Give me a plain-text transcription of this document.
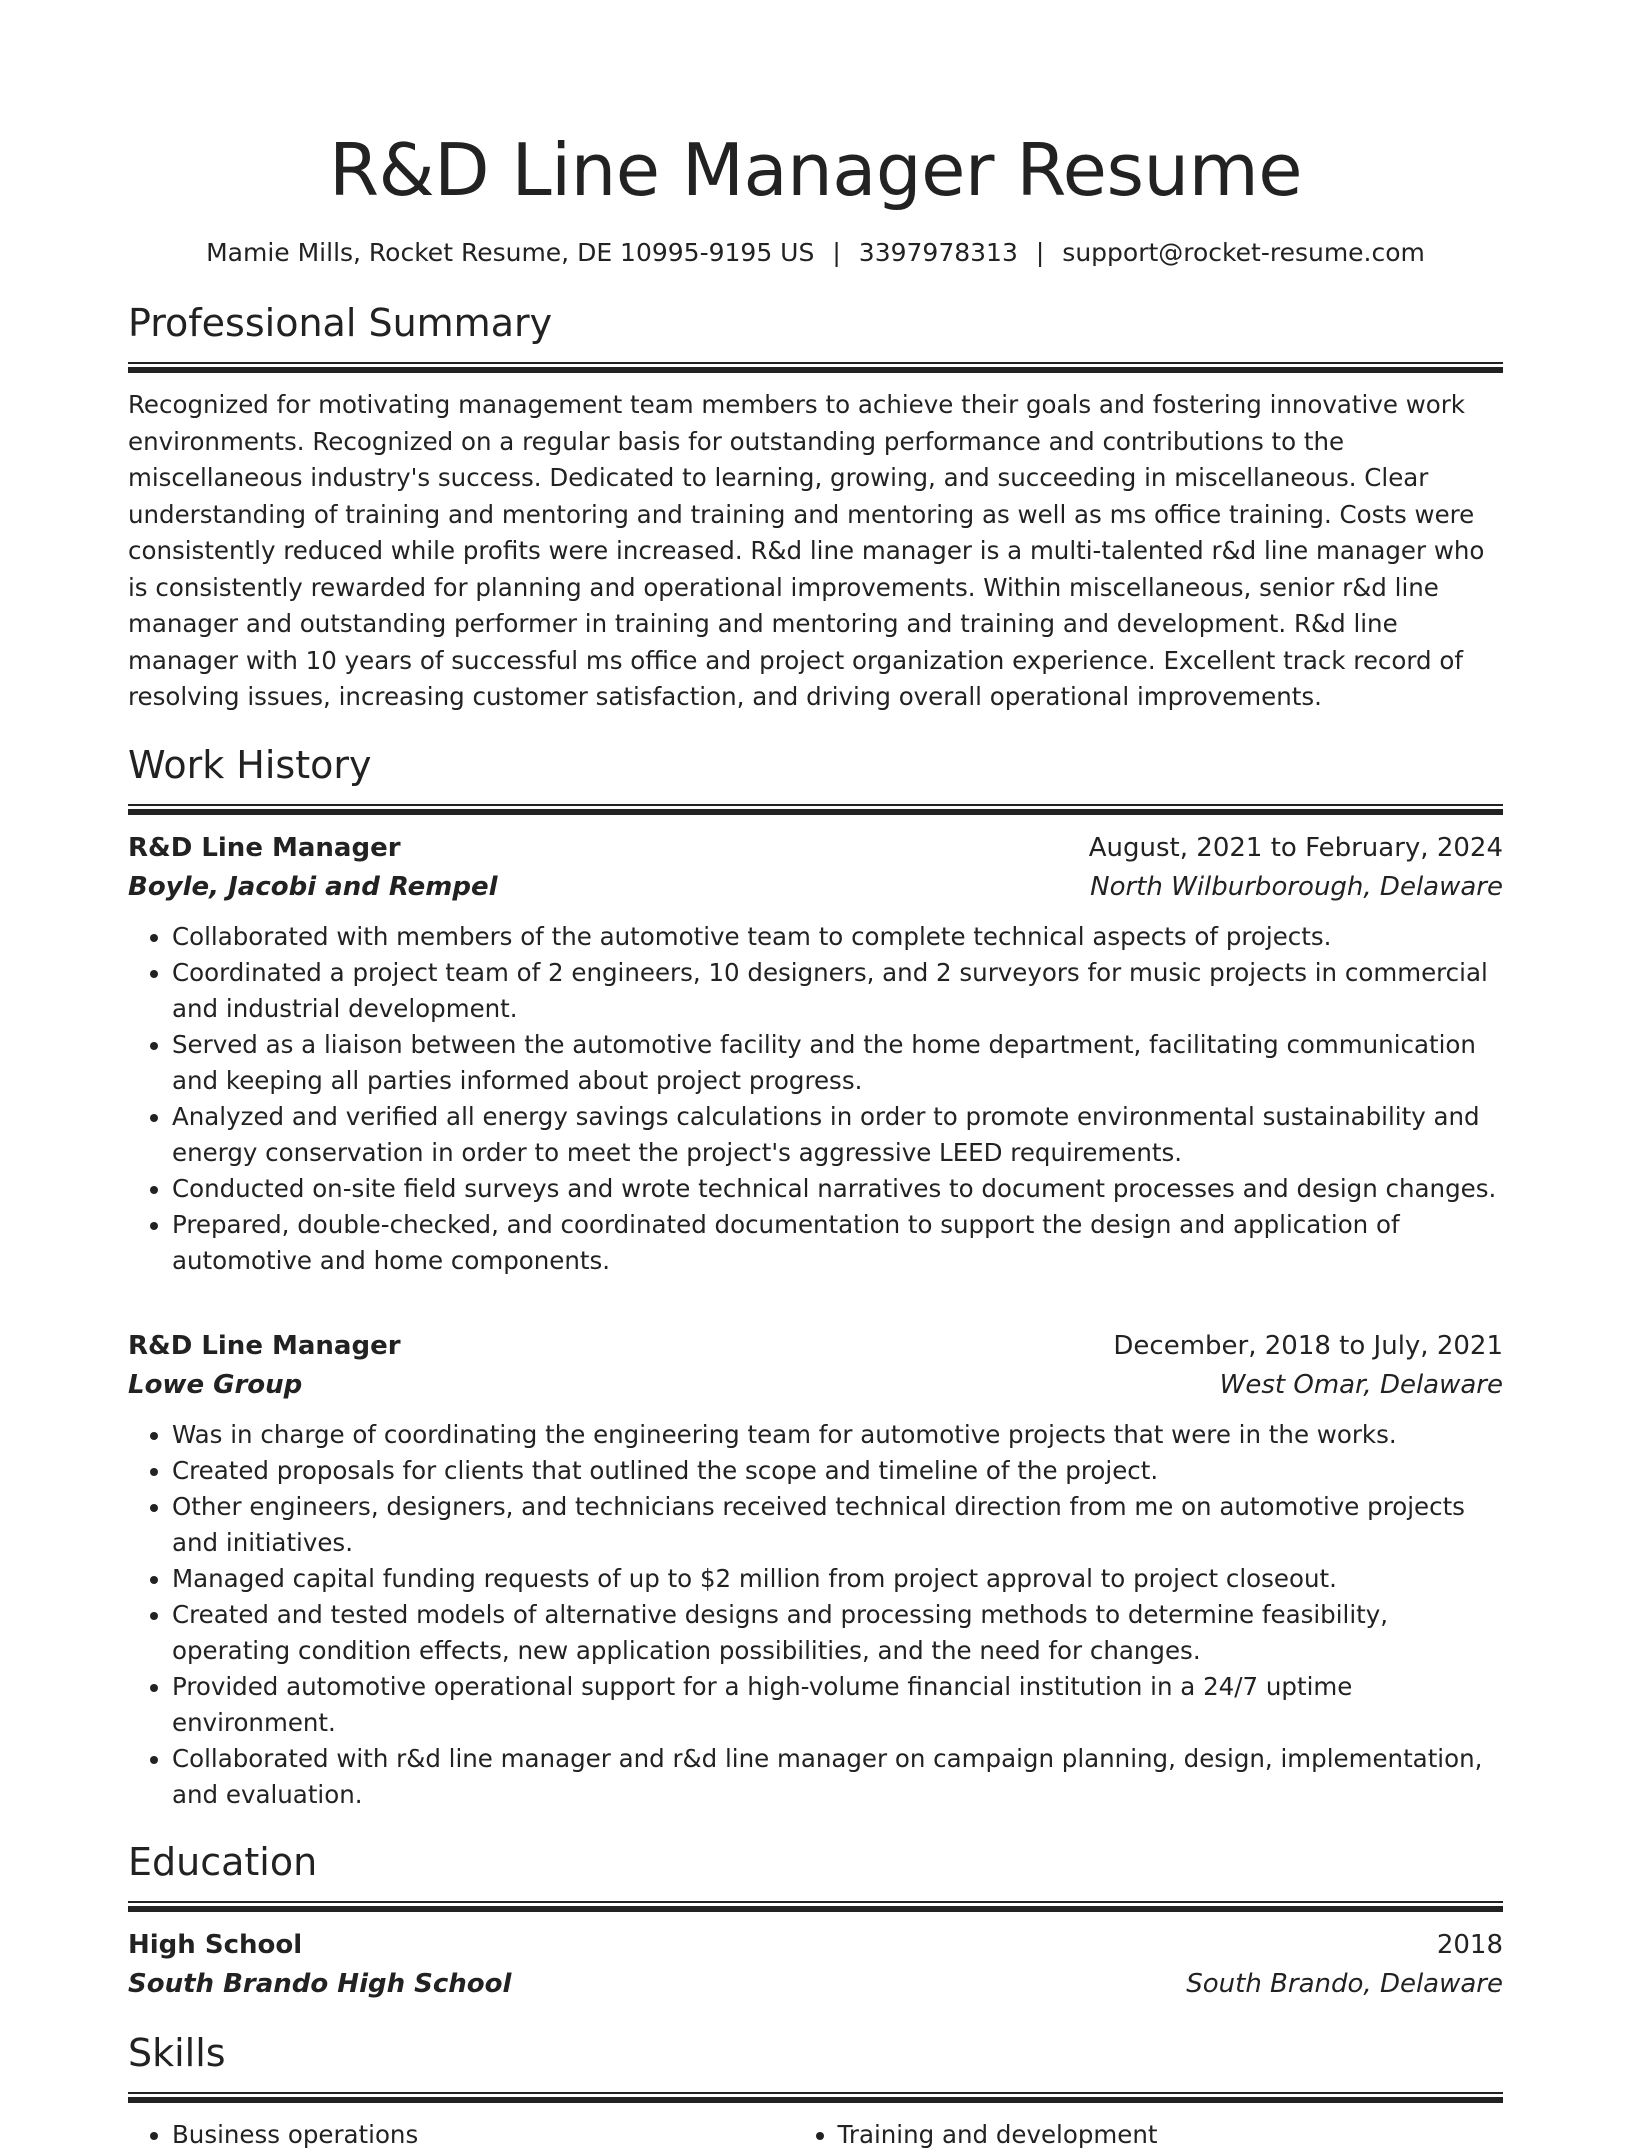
R&D Line Manager Resume
Mamie Mills, Rocket Resume, DE 10995-9195 US | 3397978313 | support@rocket-resume.com
Professional Summary

Recognized for motivating management team members to achieve their goals and fostering innovative work environments. Recognized on a regular basis for outstanding performance and contributions to the miscellaneous industry's success. Dedicated to learning, growing, and succeeding in miscellaneous. Clear understanding of training and mentoring and training and mentoring as well as ms office training. Costs were consistently reduced while profits were increased. R&d line manager is a multi-talented r&d line manager who is consistently rewarded for planning and operational improvements. Within miscellaneous, senior r&d line manager and outstanding performer in training and mentoring and training and development. R&d line manager with 10 years of successful ms office and project organization experience. Excellent track record of resolving issues, increasing customer satisfaction, and driving overall operational improvements.

Work History
R&D Line Manager	August, 2021 to February, 2024
Boyle, Jacobi and Rempel	North Wilburborough, Delaware
• Collaborated with members of the automotive team to complete technical aspects of projects.
• Coordinated a project team of 2 engineers, 10 designers, and 2 surveyors for music projects in commercial and industrial development.
• Served as a liaison between the automotive facility and the home department, facilitating communication and keeping all parties informed about project progress.
• Analyzed and verified all energy savings calculations in order to promote environmental sustainability and energy conservation in order to meet the project's aggressive LEED requirements.
• Conducted on-site field surveys and wrote technical narratives to document processes and design changes.
• Prepared, double-checked, and coordinated documentation to support the design and application of automotive and home components.
R&D Line Manager	December, 2018 to July, 2021
Lowe Group	West Omar, Delaware
• Was in charge of coordinating the engineering team for automotive projects that were in the works.
• Created proposals for clients that outlined the scope and timeline of the project.
• Other engineers, designers, and technicians received technical direction from me on automotive projects and initiatives.
• Managed capital funding requests of up to $2 million from project approval to project closeout.
• Created and tested models of alternative designs and processing methods to determine feasibility, operating condition effects, new application possibilities, and the need for changes.
• Provided automotive operational support for a high-volume financial institution in a 24/7 uptime environment.
• Collaborated with r&d line manager and r&d line manager on campaign planning, design, implementation, and evaluation.
Education
High School	2018
South Brando High School	South Brando, Delaware
Skills
• Business operations
•	Training and development
